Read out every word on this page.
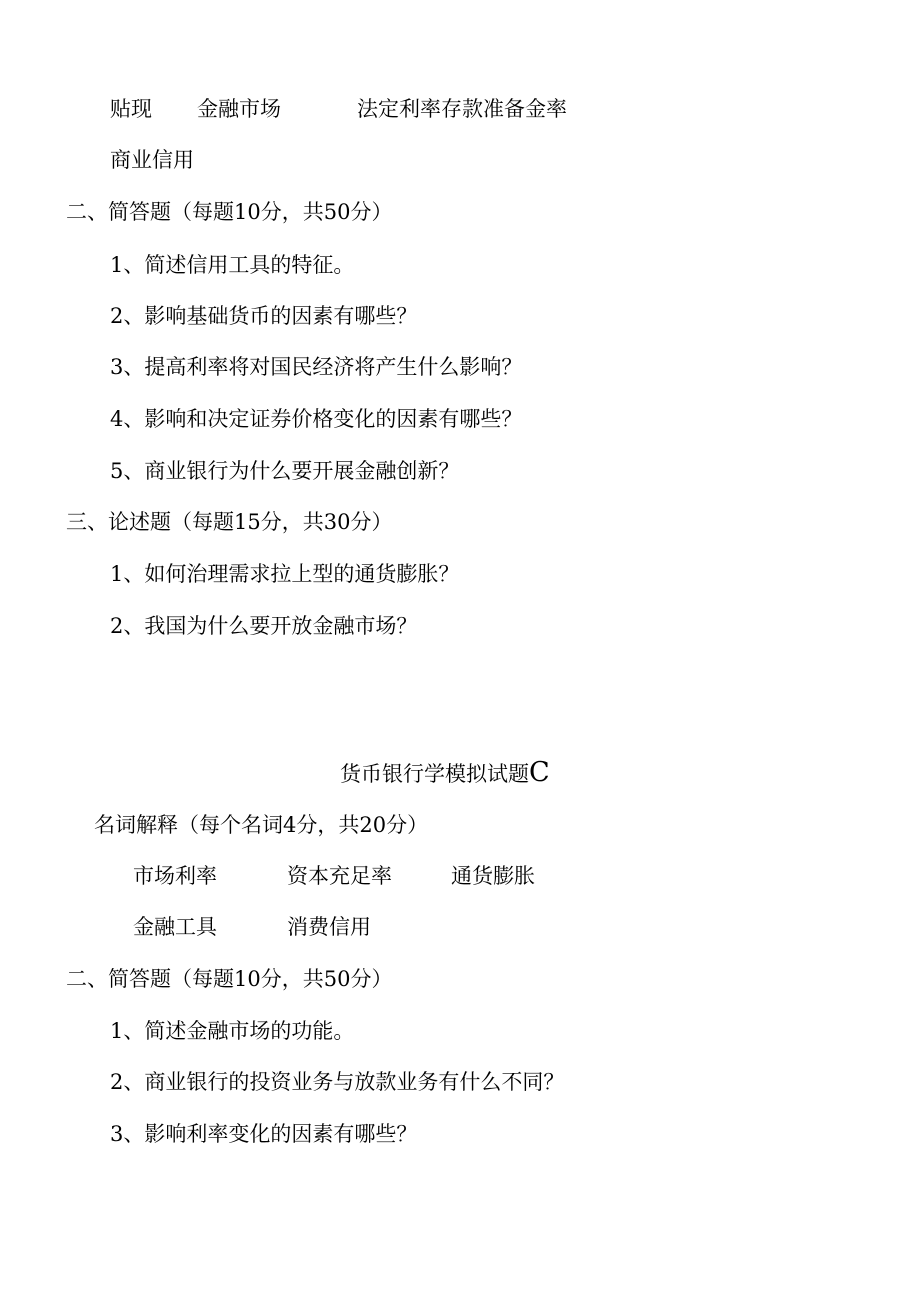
贴现 金融市场	法定利率存款准备金率
商业信用
二、简答题（每题10分，共50分）
1、简述信用工具的特征。
2、影响基础货币的因素有哪些？
3、提高利率将对国民经济将产生什么影响？
4、影响和决定证券价格变化的因素有哪些？
5、商业银行为什么要开展金融创新？
三、论述题（每题15分，共30分）
1、如何治理需求拉上型的通货膨胀？
2、我国为什么要开放金融市场？
货币银行学模拟试题C
名词解释（每个名词4分，共20分）
市场利率	资本充足率	通货膨胀
金融工具	消费信用
二、简答题（每题10分，共50分）
1、简述金融市场的功能。
2、商业银行的投资业务与放款业务有什么不同？
3、影响利率变化的因素有哪些？
